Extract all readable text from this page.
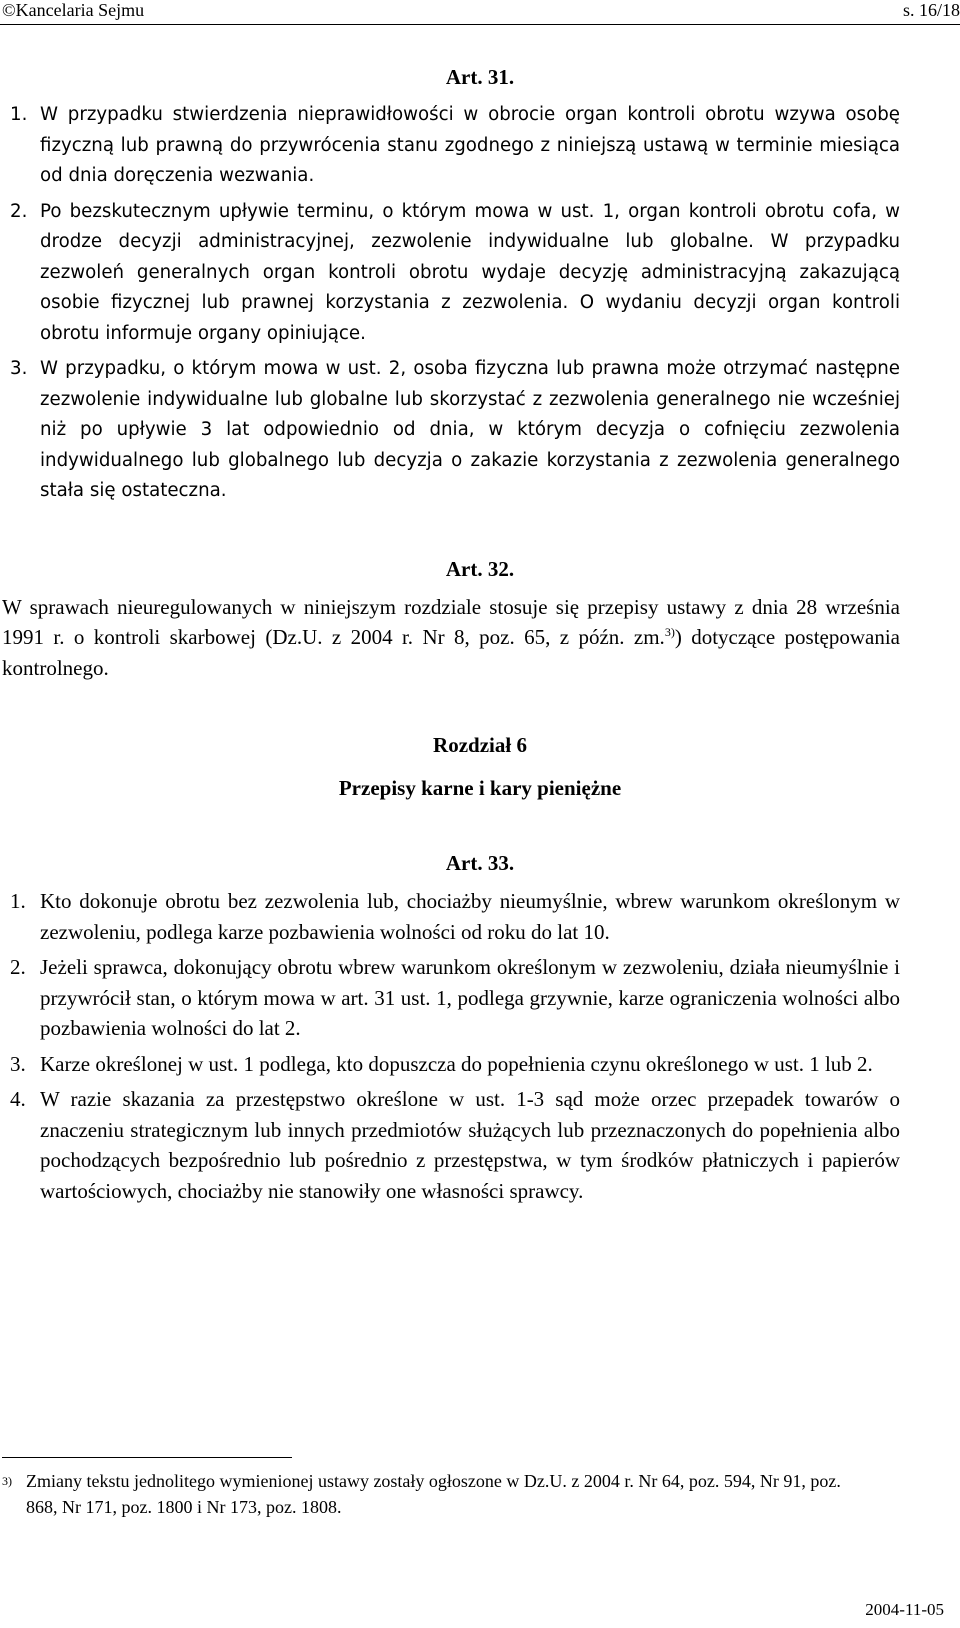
©Kancelaria Sejmu	s. 16/18
Art. 31.
1. W przypadku stwierdzenia nieprawidłowości w obrocie organ kontroli obrotu wzywa osobę fizyczną lub prawną do przywrócenia stanu zgodnego z niniejszą ustawą w terminie miesiąca od dnia doręczenia wezwania.
2. Po bezskutecznym upływie terminu, o którym mowa w ust. 1, organ kontroli obrotu cofa, w drodze decyzji administracyjnej, zezwolenie indywidualne lub globalne. W przypadku zezwoleń generalnych organ kontroli obrotu wydaje decyzję administracyjną zakazującą osobie fizycznej lub prawnej korzystania z zezwolenia. O wydaniu decyzji organ kontroli obrotu informuje organy opiniujące.
3. W przypadku, o którym mowa w ust. 2, osoba fizyczna lub prawna może otrzymać następne zezwolenie indywidualne lub globalne lub skorzystać z zezwolenia generalnego nie wcześniej niż po upływie 3 lat odpowiednio od dnia, w którym decyzja o cofnięciu zezwolenia indywidualnego lub globalnego lub decyzja o zakazie korzystania z zezwolenia generalnego stała się ostateczna.
Art. 32.
W sprawach nieuregulowanych w niniejszym rozdziale stosuje się przepisy ustawy z dnia 28 września 1991 r. o kontroli skarbowej (Dz.U. z 2004 r. Nr 8, poz. 65, z późn. zm.$^{3)}$) dotyczące postępowania kontrolnego.
Rozdział 6
Przepisy karne i kary pieniężne
Art. 33.
1. Kto dokonuje obrotu bez zezwolenia lub, chociażby nieumyślnie, wbrew warunkom określonym w zezwoleniu, podlega karze pozbawienia wolności od roku do lat 10.
2. Jeżeli sprawca, dokonujący obrotu wbrew warunkom określonym w zezwoleniu, działa nieumyślnie i przywrócił stan, o którym mowa w art. 31 ust. 1, podlega grzywnie, karze ograniczenia wolności albo pozbawienia wolności do lat 2.
3. Karze określonej w ust. 1 podlega, kto dopuszcza do popełnienia czynu określonego w ust. 1 lub 2.
4. W razie skazania za przestępstwo określone w ust. 1-3 sąd może orzec przepadek towarów o znaczeniu strategicznym lub innych przedmiotów służących lub przeznaczonych do popełnienia albo pochodzących bezpośrednio lub pośrednio z przestępstwa, w tym środków płatniczych i papierów wartościowych, chociażby nie stanowiły one własności sprawcy.
$^{3)}$ Zmiany tekstu jednolitego wymienionej ustawy zostały ogłoszone w Dz.U. z 2004 r. Nr 64, poz. 594, Nr 91, poz. 868, Nr 171, poz. 1800 i Nr 173, poz. 1808.
2004-11-05
